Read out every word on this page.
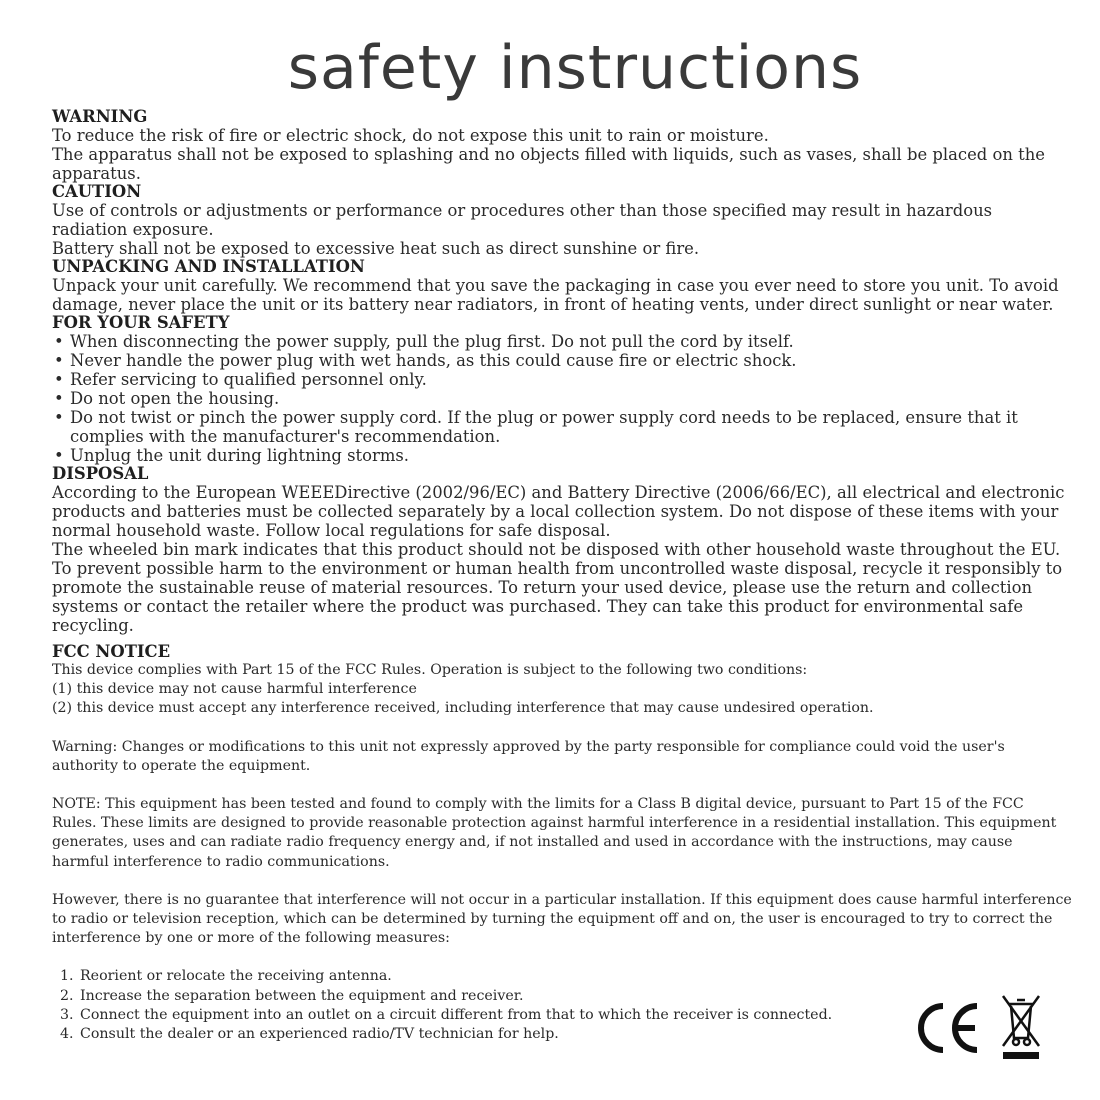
safety instructions
WARNING

To reduce the risk of fire or electric shock, do not expose this unit to rain or moisture.

The apparatus shall not be exposed to splashing and no objects filled with liquids, such as vases, shall be placed on the apparatus.

CAUTION

Use of controls or adjustments or performance or procedures other than those specified may result in hazardous radiation exposure.

Battery shall not be exposed to excessive heat such as direct sunshine or fire.

UNPACKING AND INSTALLATION

Unpack your unit carefully. We recommend that you save the packaging in case you ever need to store you unit. To avoid damage, never place the unit or its battery near radiators, in front of heating vents, under direct sunlight or near water.

FOR YOUR SAFETY
• When disconnecting the power supply, pull the plug first. Do not pull the cord by itself.
• Never handle the power plug with wet hands, as this could cause fire or electric shock.
• Refer servicing to qualified personnel only.
• Do not open the housing.
• Do not twist or pinch the power supply cord. If the plug or power supply cord needs to be replaced, ensure that it complies with the manufacturer's recommendation.
• Unplug the unit during lightning storms.
DISPOSAL

According to the European WEEEDirective (2002/96/EC) and Battery Directive (2006/66/EC), all electrical and electronic products and batteries must be collected separately by a local collection system. Do not dispose of these items with your normal household waste. Follow local regulations for safe disposal.

The wheeled bin mark indicates that this product should not be disposed with other household waste throughout the EU. To prevent possible harm to the environment or human health from uncontrolled waste disposal, recycle it responsibly to promote the sustainable reuse of material resources. To return your used device, please use the return and collection systems or contact the retailer where the product was purchased. They can take this product for environmental safe recycling.

FCC NOTICE

This device complies with Part 15 of the FCC Rules. Operation is subject to the following two conditions:

(1) this device may not cause harmful interference

(2) this device must accept any interference received, including interference that may cause undesired operation.

Warning: Changes or modifications to this unit not expressly approved by the party responsible for compliance could void the user's authority to operate the equipment.

NOTE: This equipment has been tested and found to comply with the limits for a Class B digital device, pursuant to Part 15 of the FCC Rules. These limits are designed to provide reasonable protection against harmful interference in a residential installation. This equipment generates, uses and can radiate radio frequency energy and, if not installed and used in accordance with the instructions, may cause harmful interference to radio communications.

However, there is no guarantee that interference will not occur in a particular installation. If this equipment does cause harmful interference to radio or television reception, which can be determined by turning the equipment off and on, the user is encouraged to try to correct the interference by one or more of the following measures:

1. Reorient or relocate the receiving antenna.
2. Increase the separation between the equipment and receiver.
3. Connect the equipment into an outlet on a circuit different from that to which the receiver is connected.
4. Consult the dealer or an experienced radio/TV technician for help.
